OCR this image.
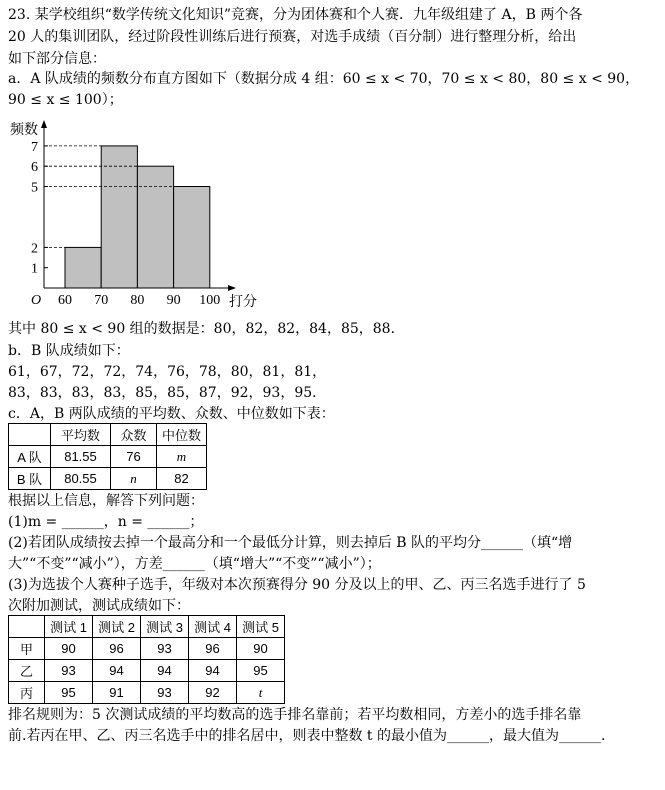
23. 某学校组织“数学传统文化知识”竞赛，分为团体赛和个人赛．九年级组建了 A，B 两个各
20 人的集训团队，经过阶段性训练后进行预赛，对选手成绩（百分制）进行整理分析，给出
如下部分信息：
a．A 队成绩的频数分布直方图如下（数据分成 4 组：60 ≤ x < 70，70 ≤ x < 80，80 ≤ x < 90，
90 ≤ x ≤ 100）；
1
2
5
6
7
60 70 80 90 100
频数
打分
O
其中 80 ≤ x < 90 组的数据是：80，82，82，84，85，88．
b．B 队成绩如下：
61，67，72，72，74，76，78，80，81，81，
83，83，83，83，85，85，87，92，93，95．
c．A，B 两队成绩的平均数、众数、中位数如下表：
	平均数	众数	中位数
A 队	81.55	76	m
B 队	80.55	n	82
根据以上信息，解答下列问题：
(1)m = ______，n = ______；
(2)若团队成绩按去掉一个最高分和一个最低分计算，则去掉后 B 队的平均分______（填“增
大”“不变”“减小”），方差______（填“增大”“不变”“减小”）；
(3)为选拔个人赛种子选手，年级对本次预赛得分 90 分及以上的甲、乙、丙三名选手进行了 5
次附加测试，测试成绩如下：
	测试 1	测试 2	测试 3	测试 4	测试 5
甲	90	96	93	96	90
乙	93	94	94	94	95
丙	95	91	93	92	t
排名规则为：5 次测试成绩的平均数高的选手排名靠前；若平均数相同，方差小的选手排名靠
前.若丙在甲、乙、丙三名选手中的排名居中，则表中整数 t 的最小值为______，最大值为______.
